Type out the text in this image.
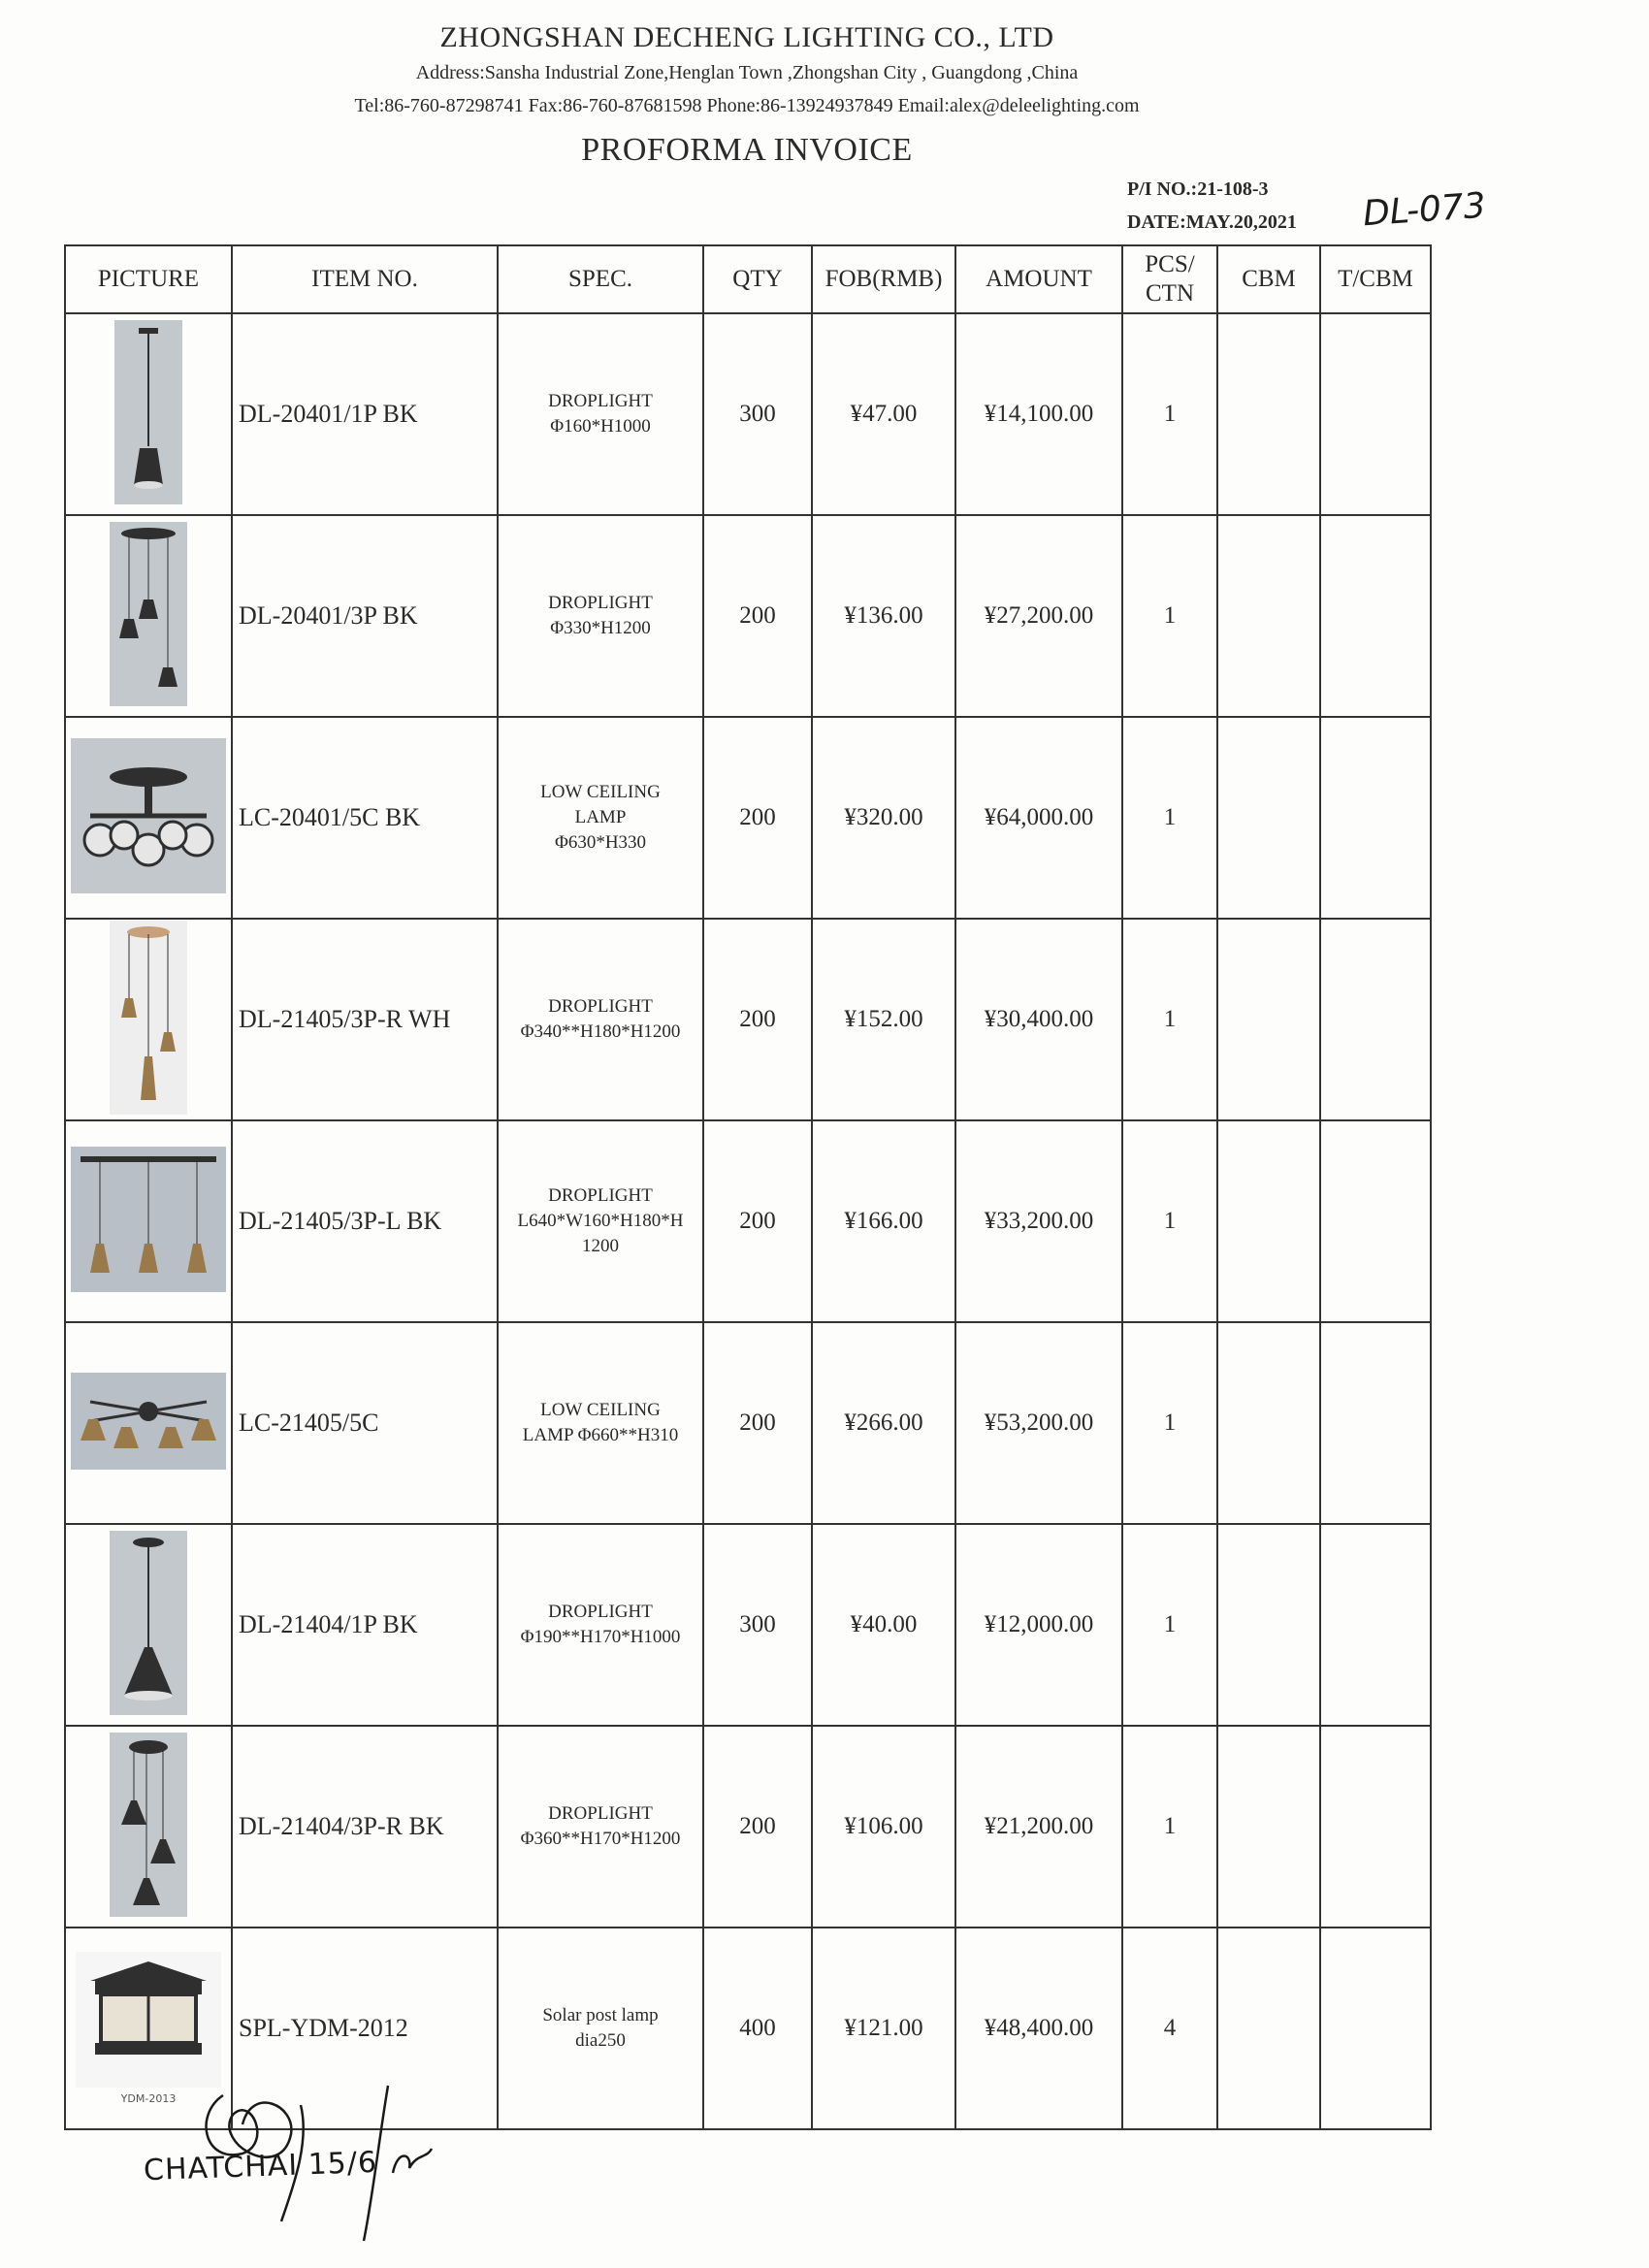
ZHONGSHAN DECHENG LIGHTING CO., LTD
Address:Sansha Industrial Zone,Henglan Town ,Zhongshan City , Guangdong ,China
Tel:86-760-87298741 Fax:86-760-87681598 Phone:86-13924937849 Email:alex@deleelighting.com
PROFORMA INVOICE
P/I NO.:21-108-3
DATE:MAY.20,2021 DL-073
PICTURE	ITEM NO.	SPEC.	QTY	FOB(RMB)	AMOUNT	PCS/
CTN	CBM	T/CBM

	DL-20401/1P BK	DROPLIGHT
Φ160*H1000	300	¥47.00	¥14,100.00	1		

	DL-20401/3P BK	DROPLIGHT
Φ330*H1200	200	¥136.00	¥27,200.00	1		

	LC-20401/5C BK	LOW CEILING
LAMP
Φ630*H330	200	¥320.00	¥64,000.00	1		

	DL-21405/3P-R WH	DROPLIGHT
Φ340**H180*H1200	200	¥152.00	¥30,400.00	1		

	DL-21405/3P-L BK	DROPLIGHT
L640*W160*H180*H
1200	200	¥166.00	¥33,200.00	1		

	LC-21405/5C	LOW CEILING
LAMP Φ660**H310	200	¥266.00	¥53,200.00	1		

	DL-21404/1P BK	DROPLIGHT
Φ190**H170*H1000	300	¥40.00	¥12,000.00	1		

	DL-21404/3P-R BK	DROPLIGHT
Φ360**H170*H1200	200	¥106.00	¥21,200.00	1		

YDM-2013	SPL-YDM-2012	Solar post lamp
dia250	400	¥121.00	¥48,400.00	4		
CHATCHAI 15/6
